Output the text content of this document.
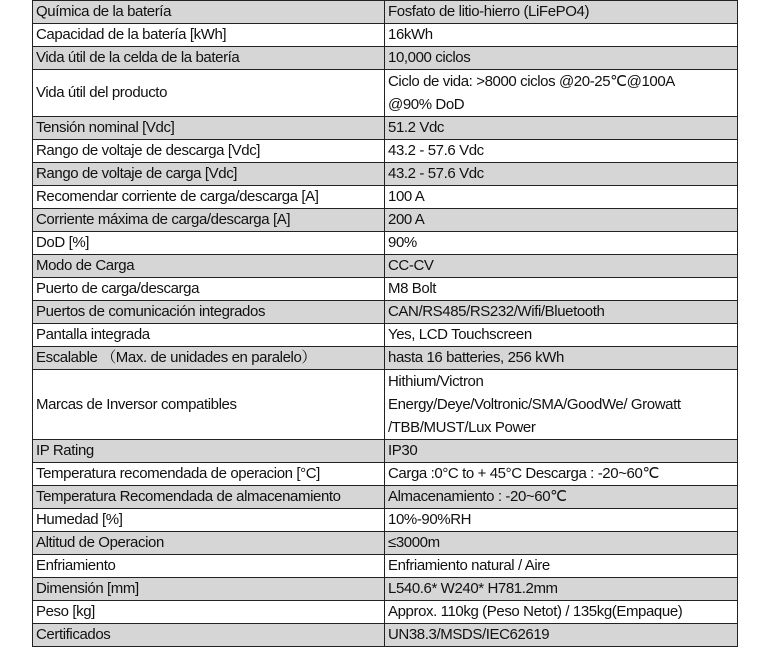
Química de la batería	Fosfato de litio-hierro (LiFePO4)
Capacidad de la batería [kWh]	16kWh
Vida útil de la celda de la batería	10,000 ciclos
Vida útil del producto	Ciclo de vida: >8000 ciclos @20-25℃@100A
@90% DoD

Tensión nominal [Vdc]	51.2 Vdc
Rango de voltaje de descarga [Vdc]	43.2 - 57.6 Vdc
Rango de voltaje de carga [Vdc]	43.2 - 57.6 Vdc
Recomendar corriente de carga/descarga [A]	100 A
Corriente máxima de carga/descarga [A]	200 A
DoD [%]	90%
Modo de Carga	CC-CV
Puerto de carga/descarga	M8 Bolt
Puertos de comunicación integrados	CAN/RS485/RS232/Wifi/Bluetooth
Pantalla integrada	Yes, LCD Touchscreen
Escalable （Max. de unidades en paralelo）	hasta 16 batteries, 256 kWh
Marcas de Inversor compatibles	Hithium/Victron
Energy/Deye/Voltronic/SMA/GoodWe/ Growatt
/TBB/MUST/Lux Power

IP Rating	IP30
Temperatura recomendada de operacion [°C]	Carga :0°C to + 45°C Descarga : -20~60℃
Temperatura Recomendada de almacenamiento	Almacenamiento : -20~60℃
Humedad [%]	10%-90%RH
Altitud de Operacion	≤3000m
Enfriamiento	Enfriamiento natural / Aire
Dimensión [mm]	L540.6* W240* H781.2mm
Peso [kg]	Approx. 110kg (Peso Netot) / 135kg(Empaque)
Certificados	UN38.3/MSDS/IEC62619
